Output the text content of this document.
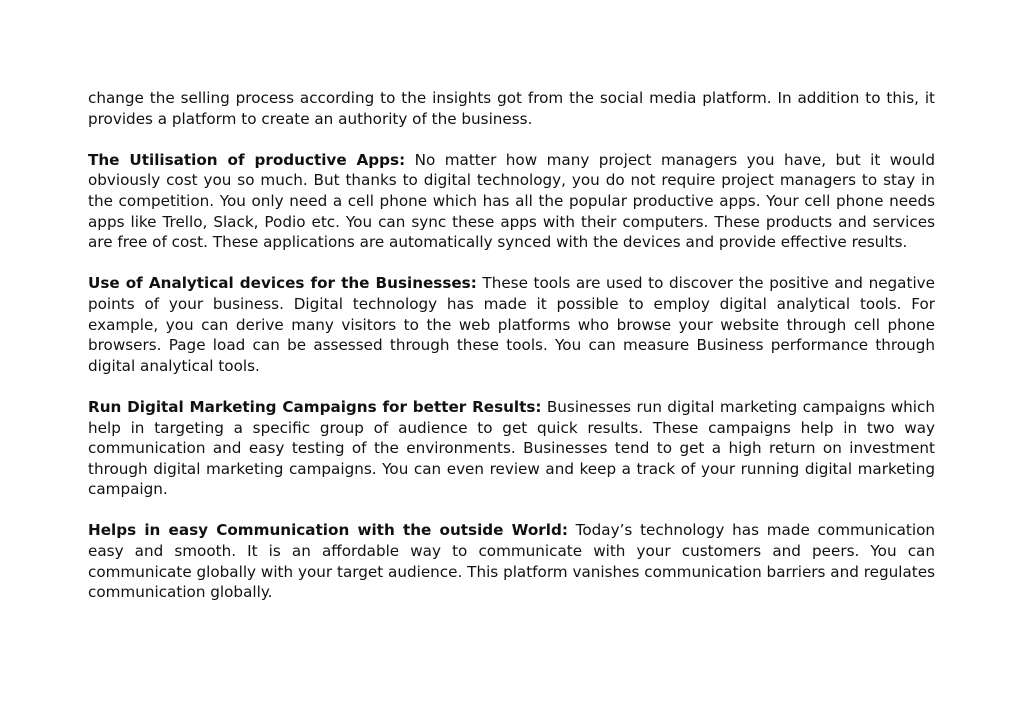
change the selling process according to the insights got from the social media platform. In addition to this, it provides a platform to create an authority of the business.

The Utilisation of productive Apps: No matter how many project managers you have, but it would obviously cost you so much. But thanks to digital technology, you do not require project managers to stay in the competition. You only need a cell phone which has all the popular productive apps. Your cell phone needs apps like Trello, Slack, Podio etc. You can sync these apps with their computers. These products and services are free of cost. These applications are automatically synced with the devices and provide effective results.

Use of Analytical devices for the Businesses: These tools are used to discover the positive and negative points of your business. Digital technology has made it possible to employ digital analytical tools. For example, you can derive many visitors to the web platforms who browse your website through cell phone browsers. Page load can be assessed through these tools. You can measure Business performance through digital analytical tools.

Run Digital Marketing Campaigns for better Results: Businesses run digital marketing campaigns which help in targeting a specific group of audience to get quick results. These campaigns help in two way communication and easy testing of the environments. Businesses tend to get a high return on investment through digital marketing campaigns. You can even review and keep a track of your running digital marketing campaign.

Helps in easy Communication with the outside World: Today’s technology has made communication easy and smooth. It is an affordable way to communicate with your customers and peers. You can communicate globally with your target audience. This platform vanishes communication barriers and regulates communication globally.
